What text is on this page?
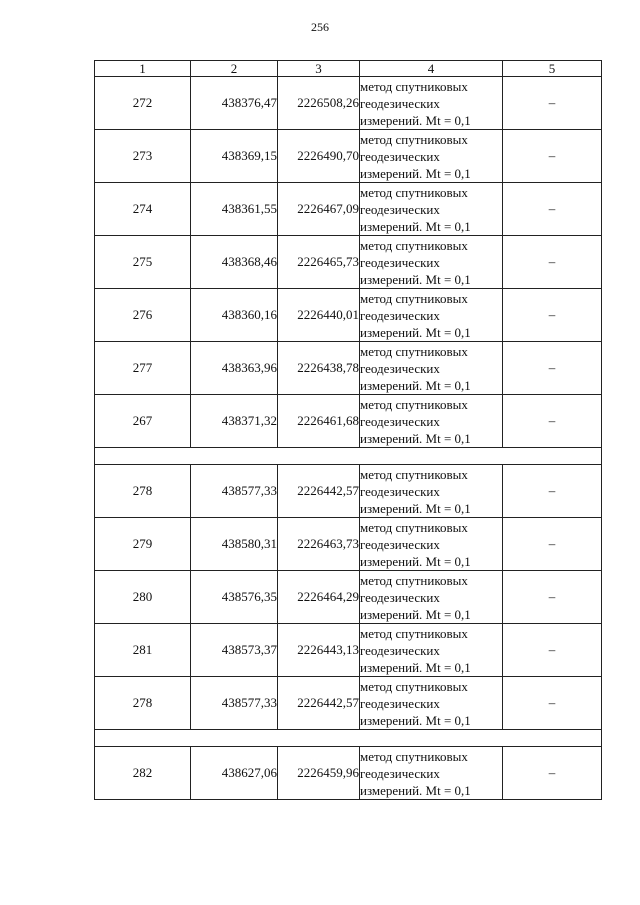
256
1	2	3	4	5
272	438376,47	2226508,26	метод спутниковых
геодезических
измерений. Mt = 0,1	–
273	438369,15	2226490,70	метод спутниковых
геодезических
измерений. Mt = 0,1	–
274	438361,55	2226467,09	метод спутниковых
геодезических
измерений. Mt = 0,1	–
275	438368,46	2226465,73	метод спутниковых
геодезических
измерений. Mt = 0,1	–
276	438360,16	2226440,01	метод спутниковых
геодезических
измерений. Mt = 0,1	–
277	438363,96	2226438,78	метод спутниковых
геодезических
измерений. Mt = 0,1	–
267	438371,32	2226461,68	метод спутниковых
геодезических
измерений. Mt = 0,1	–

278	438577,33	2226442,57	метод спутниковых
геодезических
измерений. Mt = 0,1	–
279	438580,31	2226463,73	метод спутниковых
геодезических
измерений. Mt = 0,1	–
280	438576,35	2226464,29	метод спутниковых
геодезических
измерений. Mt = 0,1	–
281	438573,37	2226443,13	метод спутниковых
геодезических
измерений. Mt = 0,1	–
278	438577,33	2226442,57	метод спутниковых
геодезических
измерений. Mt = 0,1	–

282	438627,06	2226459,96	метод спутниковых
геодезических
измерений. Mt = 0,1	–
